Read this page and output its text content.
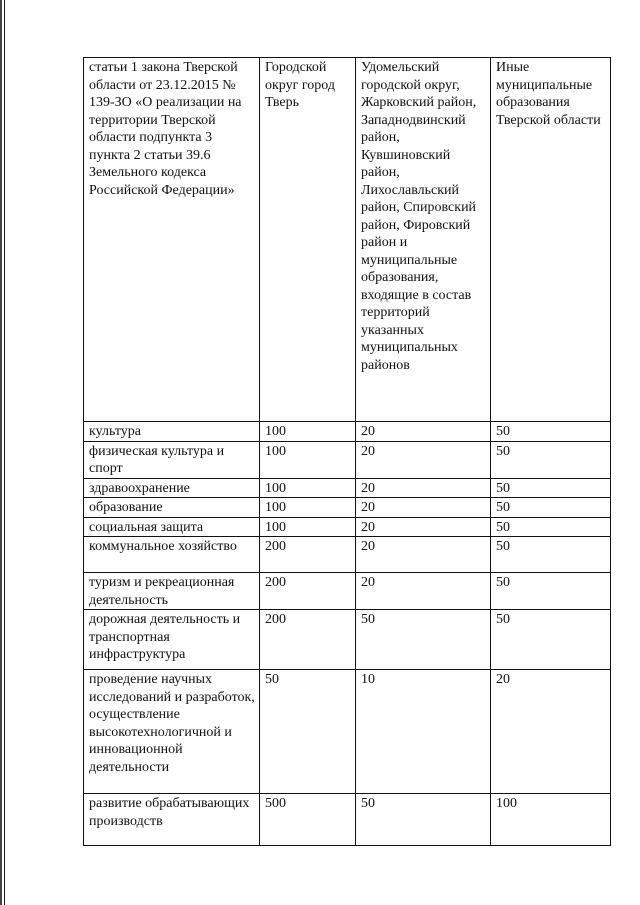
статьи 1 закона Тверской области от 23.12.2015 № 139-ЗО «О реализации на территории Тверской области подпункта 3 пункта 2 статьи 39.6 Земельного кодекса Российской Федерации»	Городской округ город Тверь	Удомельский городской округ, Жарковский район, Западнодвинский район, Кувшиновский район, Лихославльский район, Спировский район, Фировский район и муниципальные образования, входящие в состав территорий указанных муниципальных районов	Иные муниципальные образования Тверской области
культура	100	20	50
физическая культура и спорт	100	20	50
здравоохранение	100	20	50
образование	100	20	50
социальная защита	100	20	50
коммунальное хозяйство	200	20	50
туризм и рекреационная деятельность	200	20	50
дорожная деятельность и транспортная инфраструктура	200	50	50
проведение научных исследований и разработок, осуществление высокотехнологичной и инновационной деятельности	50	10	20
развитие обрабатывающих производств	500	50	100
